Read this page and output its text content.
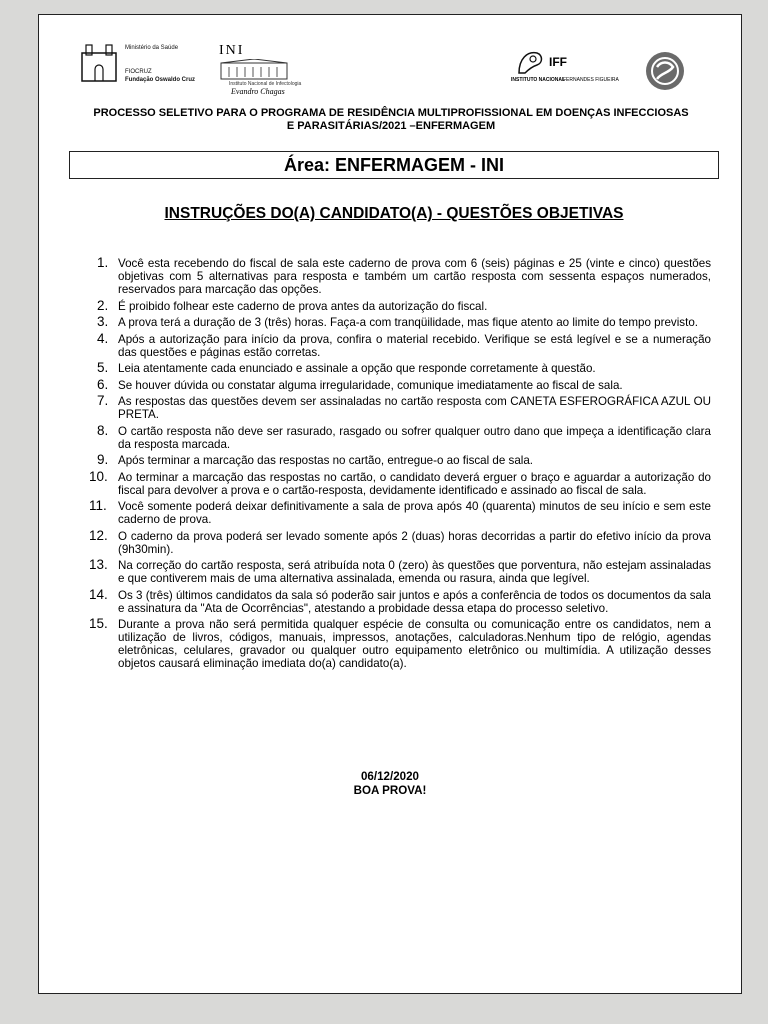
Ministério da Saúde
FIOCRUZ
Fundação Oswaldo Cruz
INI
Instituto Nacional de Infectologia
Evandro Chagas
IFF
INSTITUTO NACIONAL
FERNANDES FIGUEIRA
PROCESSO SELETIVO PARA O PROGRAMA DE RESIDÊNCIA MULTIPROFISSIONAL EM DOENÇAS INFECCIOSAS
E PARASITÁRIAS/2021 –ENFERMAGEM
Área: ENFERMAGEM - INI
INSTRUÇÕES DO(A) CANDIDATO(A) - QUESTÕES OBJETIVAS
1. Você esta recebendo do fiscal de sala este caderno de prova com 6 (seis) páginas e 25 (vinte e cinco) questões objetivas com 5 alternativas para resposta e também um cartão resposta com sessenta espaços numerados, reservados para marcação das opções.
2. É proibido folhear este caderno de prova antes da autorização do fiscal.
3. A prova terá a duração de 3 (três) horas. Faça-a com tranqüilidade, mas fique atento ao limite do tempo previsto.
4. Após a autorização para início da prova, confira o material recebido. Verifique se está legível e se a numeração das questões e páginas estão corretas.
5. Leia atentamente cada enunciado e assinale a opção que responde corretamente à questão.
6. Se houver dúvida ou constatar alguma irregularidade, comunique imediatamente ao fiscal de sala.
7. As respostas das questões devem ser assinaladas no cartão resposta com CANETA ESFEROGRÁFICA AZUL OU PRETA.
8. O cartão resposta não deve ser rasurado, rasgado ou sofrer qualquer outro dano que impeça a identificação clara da resposta marcada.
9. Após terminar a marcação das respostas no cartão, entregue-o ao fiscal de sala.
10. Ao terminar a marcação das respostas no cartão, o candidato deverá erguer o braço e aguardar a autorização do fiscal para devolver a prova e o cartão-resposta, devidamente identificado e assinado ao fiscal de sala.
11. Você somente poderá deixar definitivamente a sala de prova após 40 (quarenta) minutos de seu início e sem este caderno de prova.
12. O caderno da prova poderá ser levado somente após 2 (duas) horas decorridas a partir do efetivo início da prova (9h30min).
13. Na correção do cartão resposta, será atribuída nota 0 (zero) às questões que porventura, não estejam assinaladas e que contiverem mais de uma alternativa assinalada, emenda ou rasura, ainda que legível.
14. Os 3 (três) últimos candidatos da sala só poderão sair juntos e após a conferência de todos os documentos da sala e assinatura da "Ata de Ocorrências", atestando a probidade dessa etapa do processo seletivo.
15. Durante a prova não será permitida qualquer espécie de consulta ou comunicação entre os candidatos, nem a utilização de livros, códigos, manuais, impressos, anotações, calculadoras.Nenhum tipo de relógio, agendas eletrônicas, celulares, gravador ou qualquer outro equipamento eletrônico ou multimídia. A utilização desses objetos causará eliminação imediata do(a) candidato(a).
06/12/2020
BOA PROVA!
